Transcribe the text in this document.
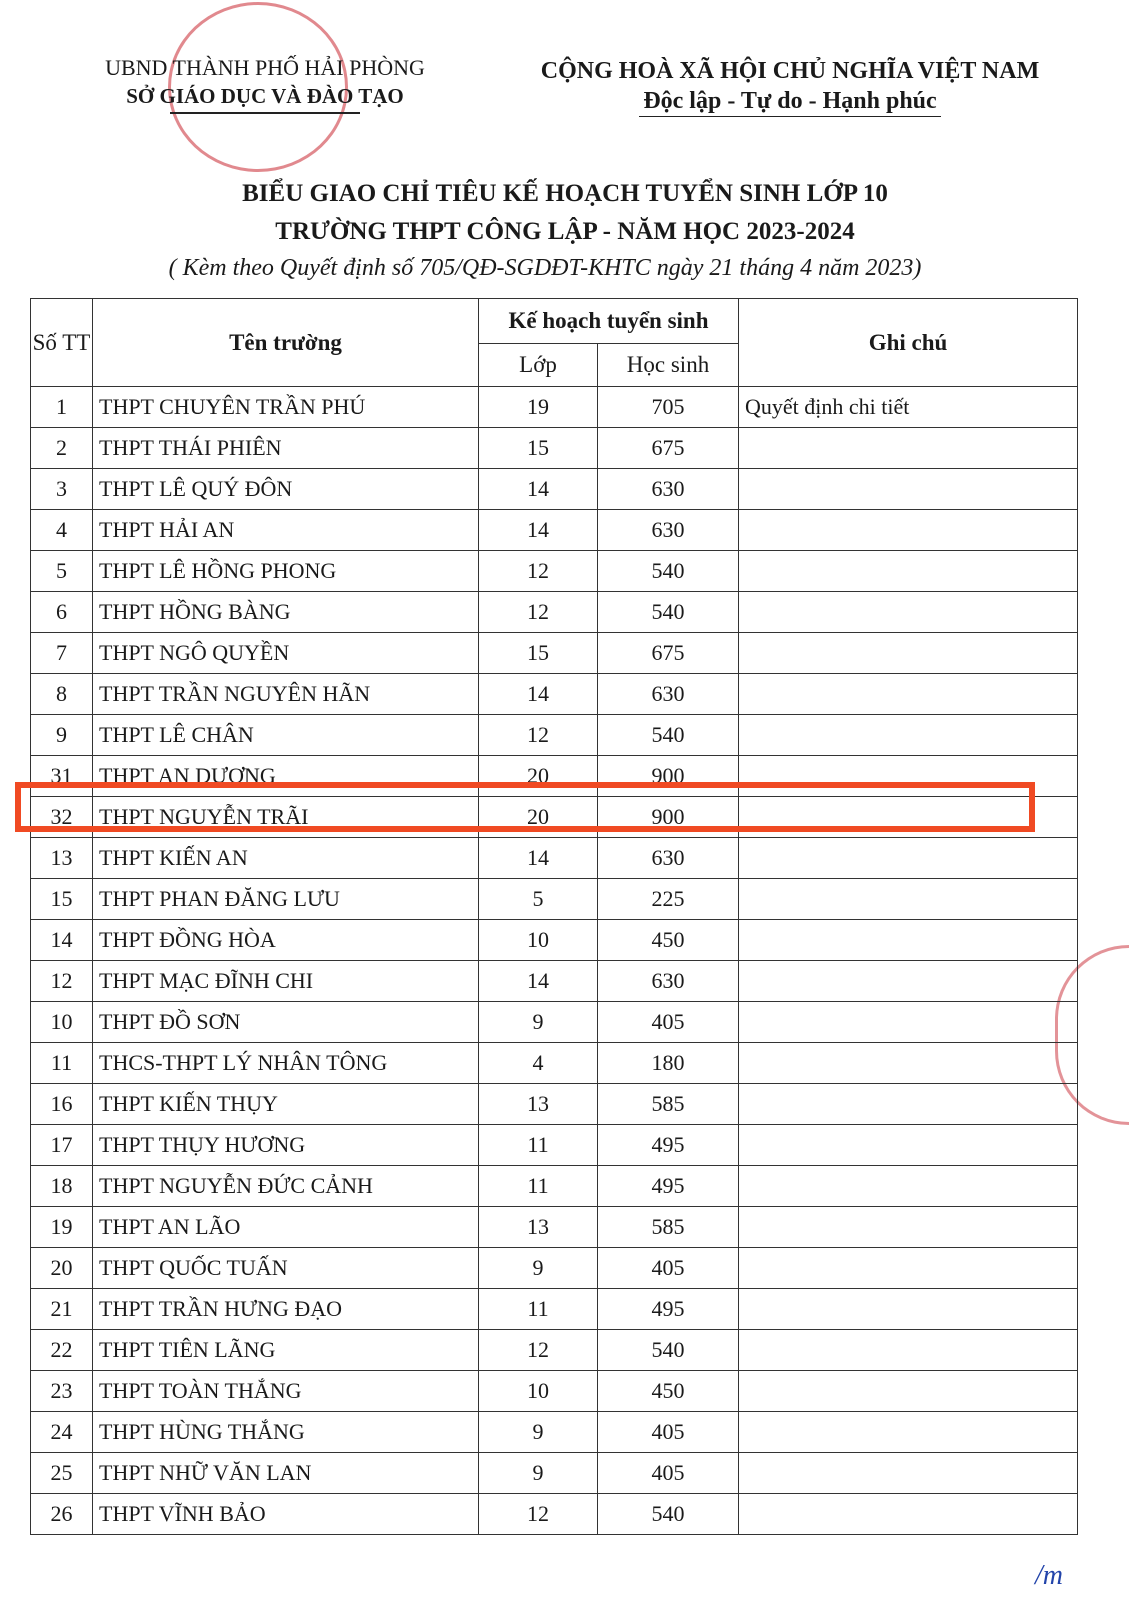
UBND THÀNH PHỐ HẢI PHÒNG
SỞ GIÁO DỤC VÀ ĐÀO TẠO
CỘNG HOÀ XÃ HỘI CHỦ NGHĨA VIỆT NAM
Độc lập - Tự do - Hạnh phúc
BIỂU GIAO CHỈ TIÊU KẾ HOẠCH TUYỂN SINH LỚP 10
TRƯỜNG THPT CÔNG LẬP - NĂM HỌC 2023-2024
( Kèm theo Quyết định số 705/QĐ-SGDĐT-KHTC ngày 21 tháng 4 năm 2023)
Số TT	Tên trường	Kế hoạch tuyển sinh		Ghi chú
		Lớp	Học sinh	
1	THPT CHUYÊN TRẦN PHÚ	19	705	Quyết định chi tiết
2	THPT THÁI PHIÊN	15	675	
3	THPT LÊ QUÝ ĐÔN	14	630	
4	THPT HẢI AN	14	630	
5	THPT LÊ HỒNG PHONG	12	540	
6	THPT HỒNG BÀNG	12	540	
7	THPT NGÔ QUYỀN	15	675	
8	THPT TRẦN NGUYÊN HÃN	14	630	
9	THPT LÊ CHÂN	12	540	
31	THPT AN DƯƠNG	20	900	
32	THPT NGUYỄN TRÃI	20	900	
13	THPT KIẾN AN	14	630	
15	THPT PHAN ĐĂNG LƯU	5	225	
14	THPT ĐỒNG HÒA	10	450	
12	THPT MẠC ĐĨNH CHI	14	630	
10	THPT ĐỒ SƠN	9	405	
11	THCS-THPT LÝ NHÂN TÔNG	4	180	
16	THPT KIẾN THỤY	13	585	
17	THPT THỤY HƯƠNG	11	495	
18	THPT NGUYỄN ĐỨC CẢNH	11	495	
19	THPT AN LÃO	13	585	
20	THPT QUỐC TUẤN	9	405	
21	THPT TRẦN HƯNG ĐẠO	11	495	
22	THPT TIÊN LÃNG	12	540	
23	THPT TOÀN THẮNG	10	450	
24	THPT HÙNG THẮNG	9	405	
25	THPT NHỮ VĂN LAN	9	405	
26	THPT VĨNH BẢO	12	540	
/m
